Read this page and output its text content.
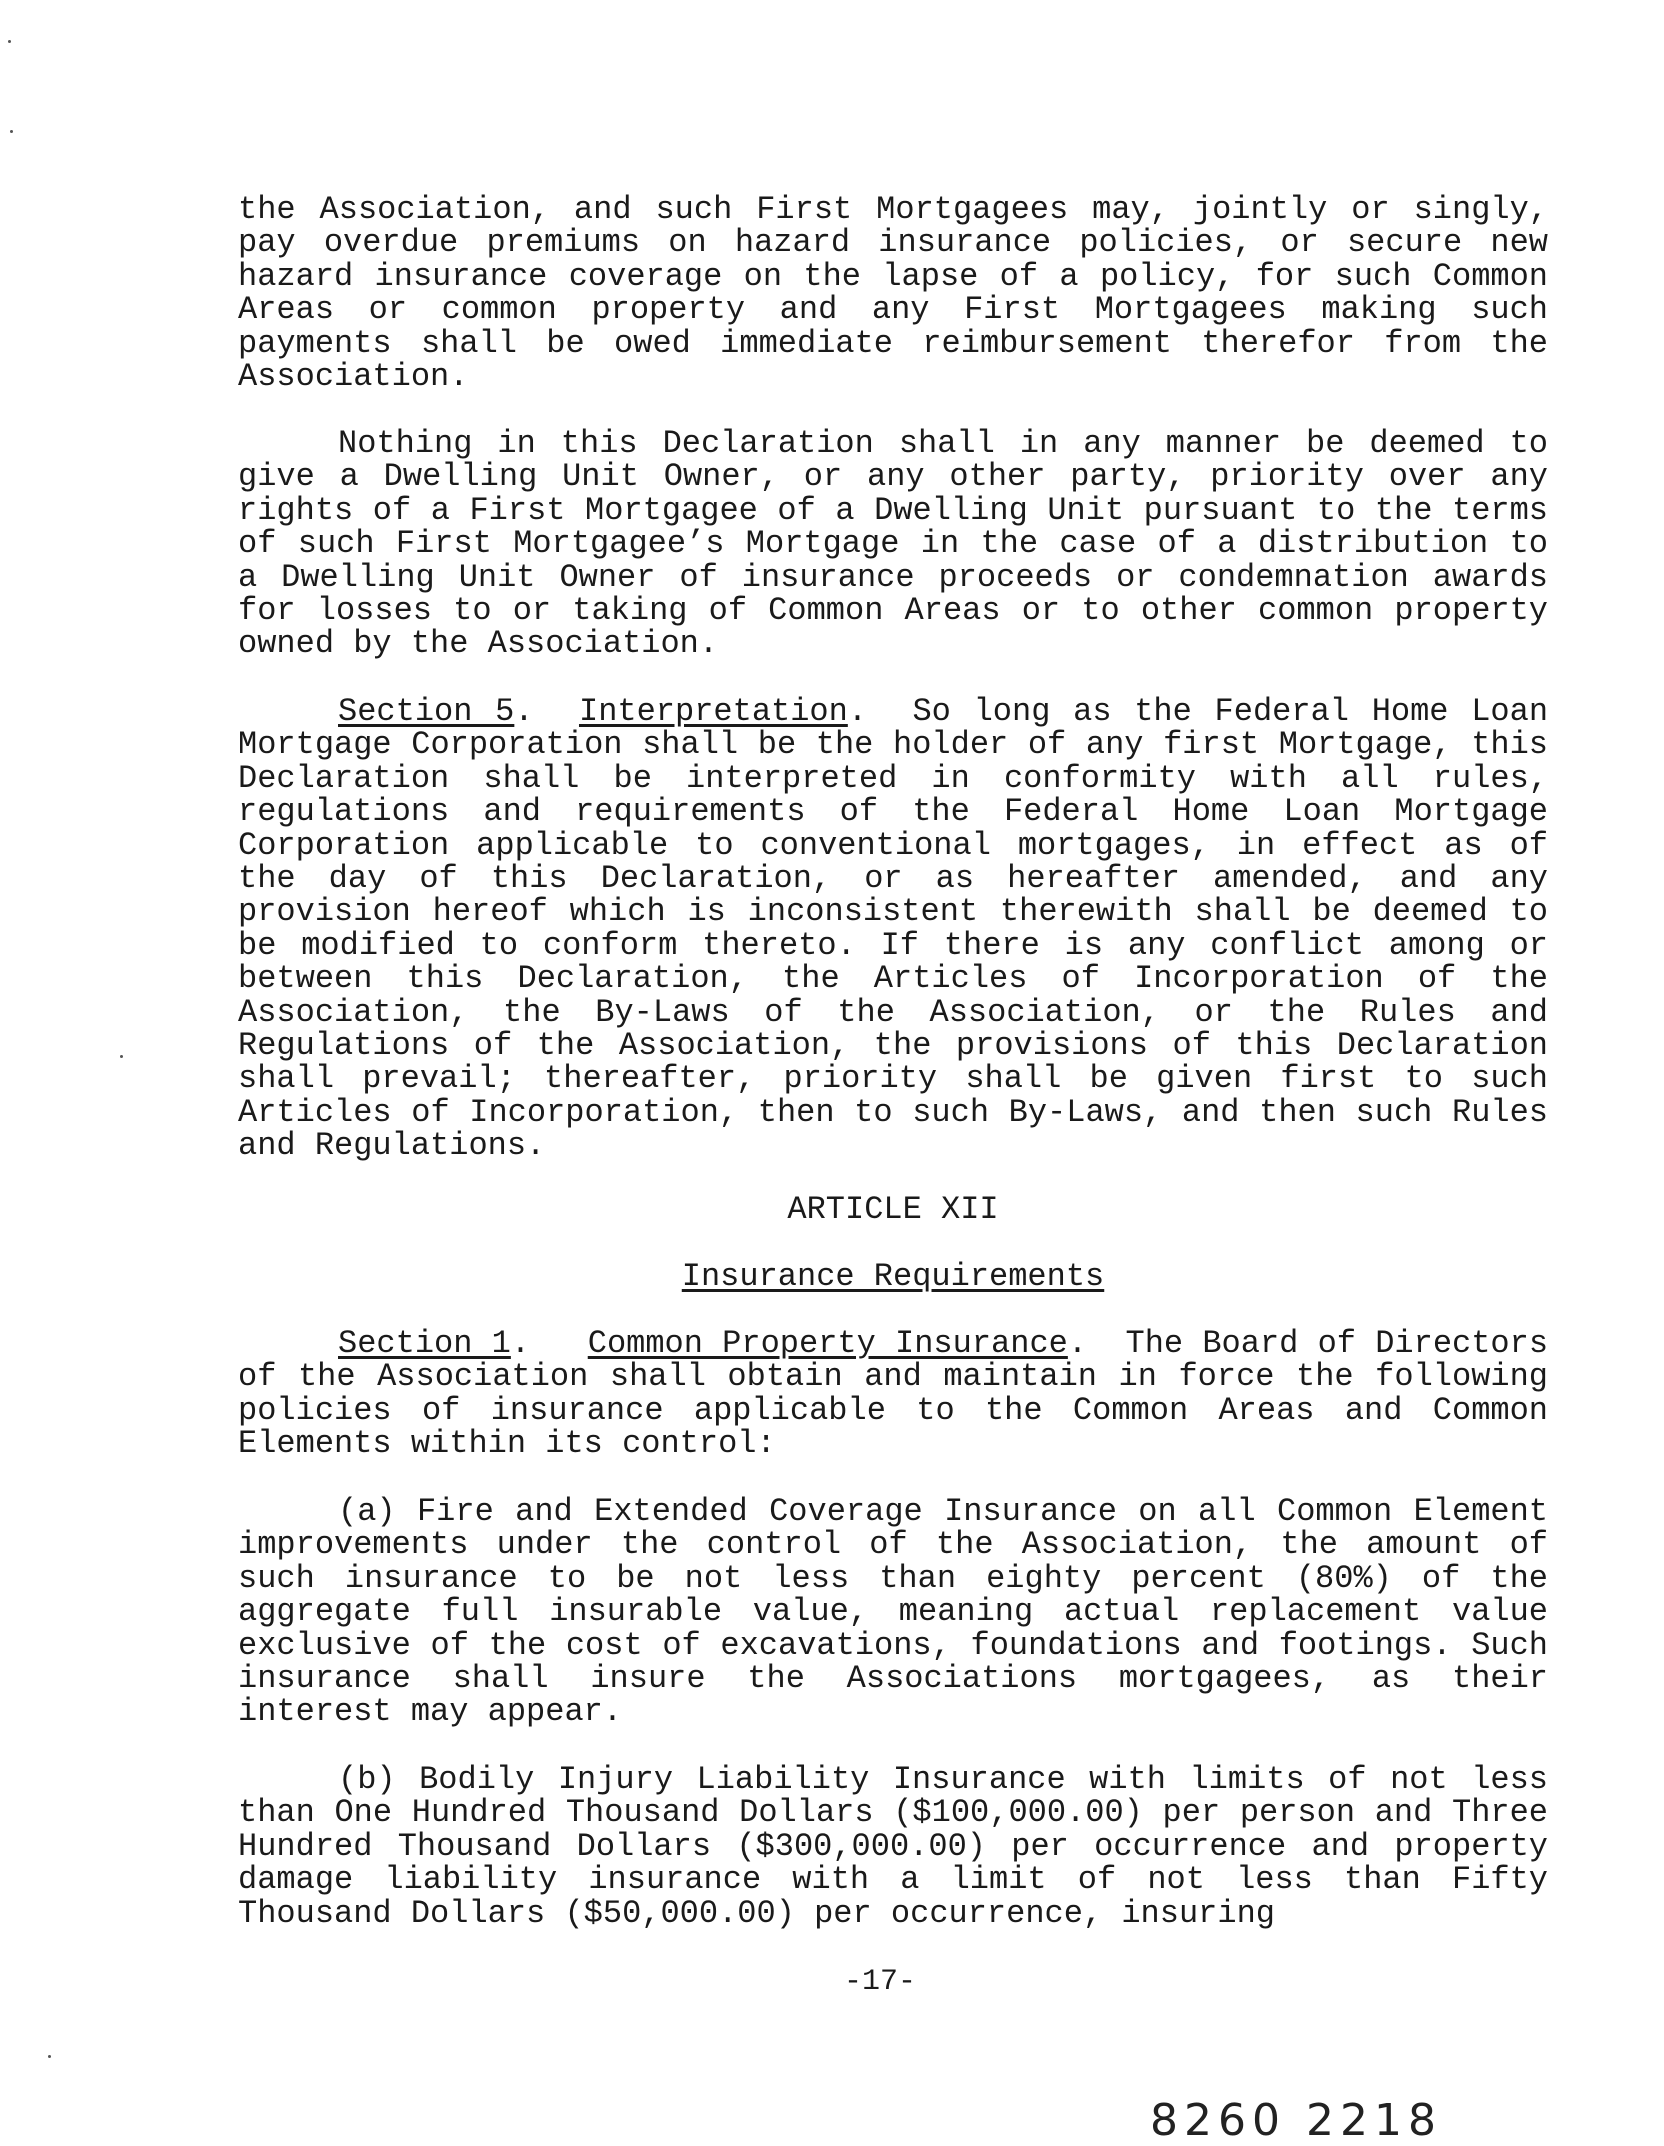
the Association, and such First Mortgagees may, jointly or singly, pay overdue premiums on hazard insurance policies, or secure new hazard insurance coverage on the lapse of a policy, for such Common Areas or common property and any First Mortgagees making such payments shall be owed immediate reimbursement therefor from the Association.

Nothing in this Declaration shall in any manner be deemed to give a Dwelling Unit Owner, or any other party, priority over any rights of a First Mortgagee of a Dwelling Unit pursuant to the terms of such First Mortgagee’s Mortgage in the case of a distribution to a Dwelling Unit Owner of insurance proceeds or condemnation awards for losses to or taking of Common Areas or to other common property owned by the Association.

Section 5.  Interpretation.  So long as the Federal Home Loan Mortgage Corporation shall be the holder of any first Mortgage, this Declaration shall be interpreted in conformity with all rules, regulations and requirements of the Federal Home Loan Mortgage Corporation applicable to conventional mortgages, in effect as of the day of this Declaration, or as hereafter amended, and any provision hereof which is inconsistent therewith shall be deemed to be modified to conform thereto. If there is any conflict among or between this Declaration, the Articles of Incorporation of the Association, the By-Laws of the Association, or the Rules and Regulations of the Association, the provisions of this Declaration shall prevail; thereafter, priority shall be given first to such Articles of Incorporation, then to such By-Laws, and then such Rules and Regulations.

ARTICLE XII

Insurance Requirements

Section 1.   Common Property Insurance.  The Board of Directors of the Association shall obtain and maintain in force the following policies of insurance applicable to the Common Areas and Common Elements within its control:

(a) Fire and Extended Coverage Insurance on all Common Element improvements under the control of the Association, the amount of such insurance to be not less than eighty percent (80%) of the aggregate full insurable value, meaning actual replacement value exclusive of the cost of excavations, foundations and footings. Such insurance shall insure the Associations mortgagees, as their interest may appear.

(b) Bodily Injury Liability Insurance with limits of not less than One Hundred Thousand Dollars ($100,000.00) per person and Three Hundred Thousand Dollars ($300,000.00) per occurrence and property damage liability insurance with a limit of not less than Fifty Thousand Dollars ($50,000.00) per occurrence, insuring

-17-
8260 2218
